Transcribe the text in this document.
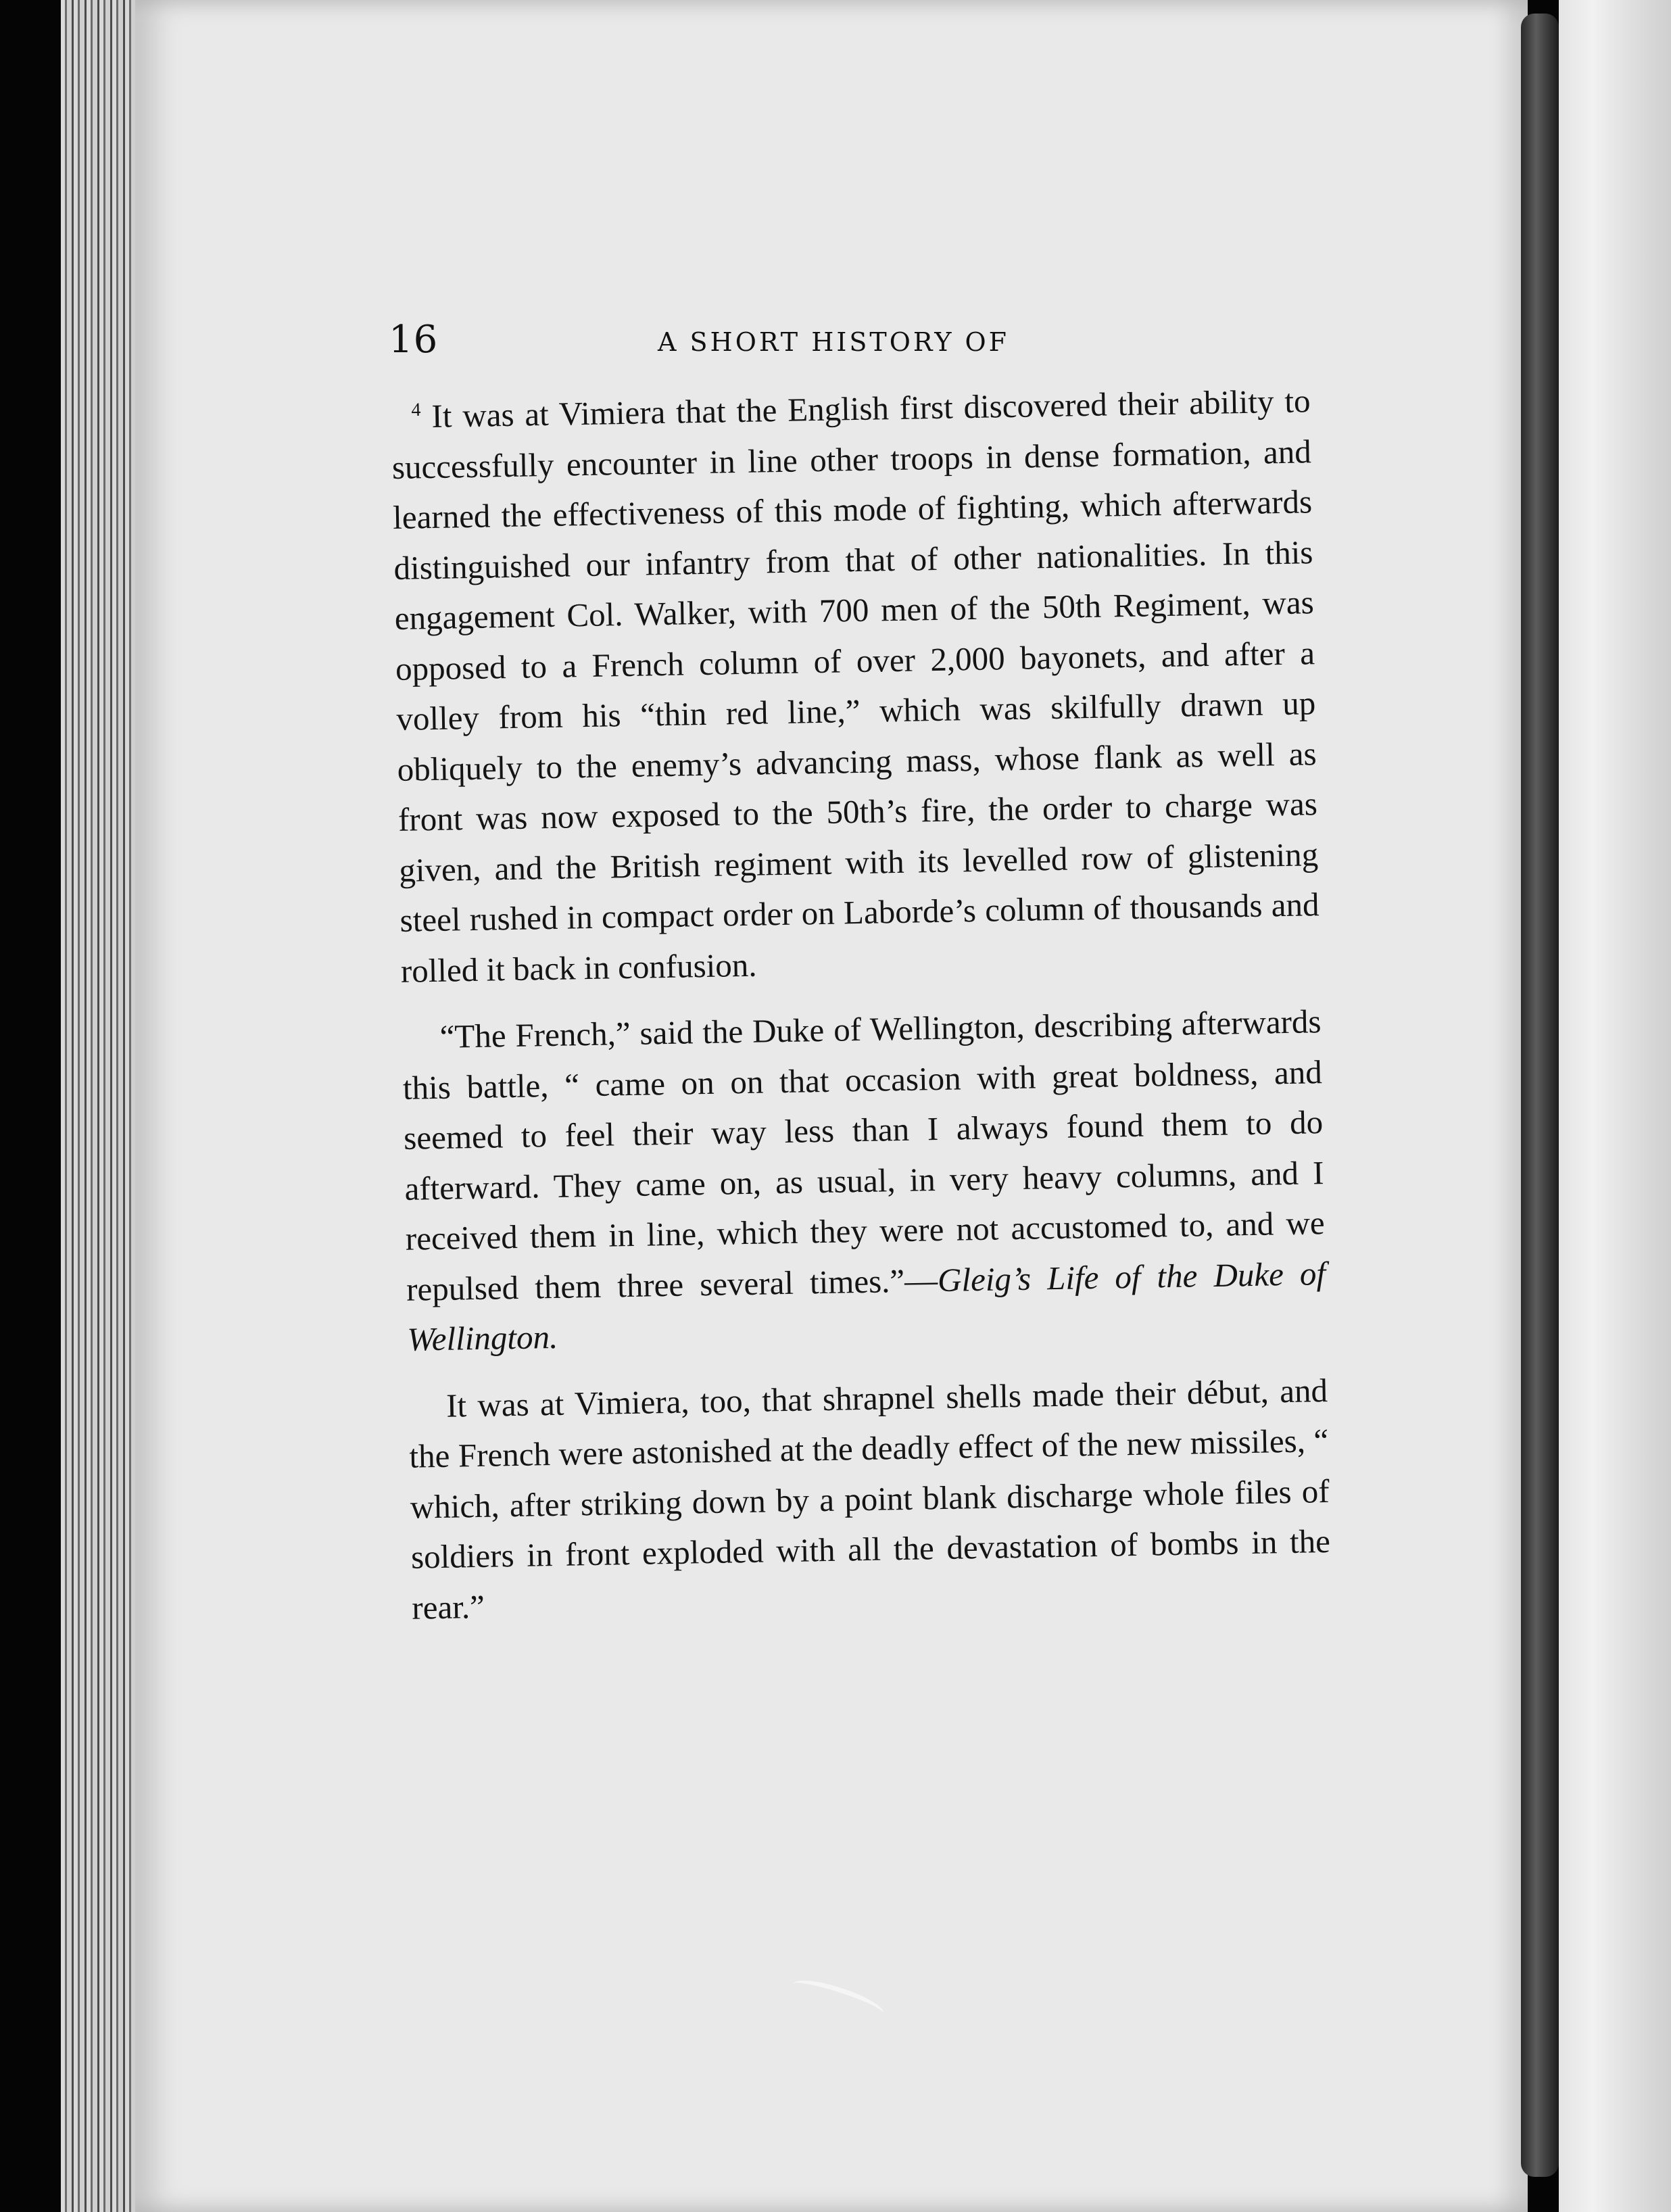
16	A SHORT HISTORY OF

$^4$ It was at Vimiera that the English first discovered their ability to successfully encounter in line other troops in dense formation, and learned the effectiveness of this mode of fighting, which afterwards distinguished our infantry from that of other nationalities. In this engagement Col. Walker, with 700 men of the 50th Regiment, was opposed to a French column of over 2,000 bayonets, and after a volley from his “thin red line,” which was skilfully drawn up obliquely to the enemy’s advancing mass, whose flank as well as front was now exposed to the 50th’s fire, the order to charge was given, and the British regiment with its levelled row of glistening steel rushed in compact order on Laborde’s column of thousands and rolled it back in confusion.

“The French,” said the Duke of Wellington, describing afterwards this battle, “ came on on that occasion with great boldness, and seemed to feel their way less than I always found them to do afterward. They came on, as usual, in very heavy columns, and I received them in line, which they were not accustomed to, and we repulsed them three several times.”—Gleig’s Life of the Duke of Wellington.

It was at Vimiera, too, that shrapnel shells made their début, and the French were astonished at the deadly effect of the new missiles, “ which, after striking down by a point blank discharge whole files of soldiers in front exploded with all the devastation of bombs in the rear.”
